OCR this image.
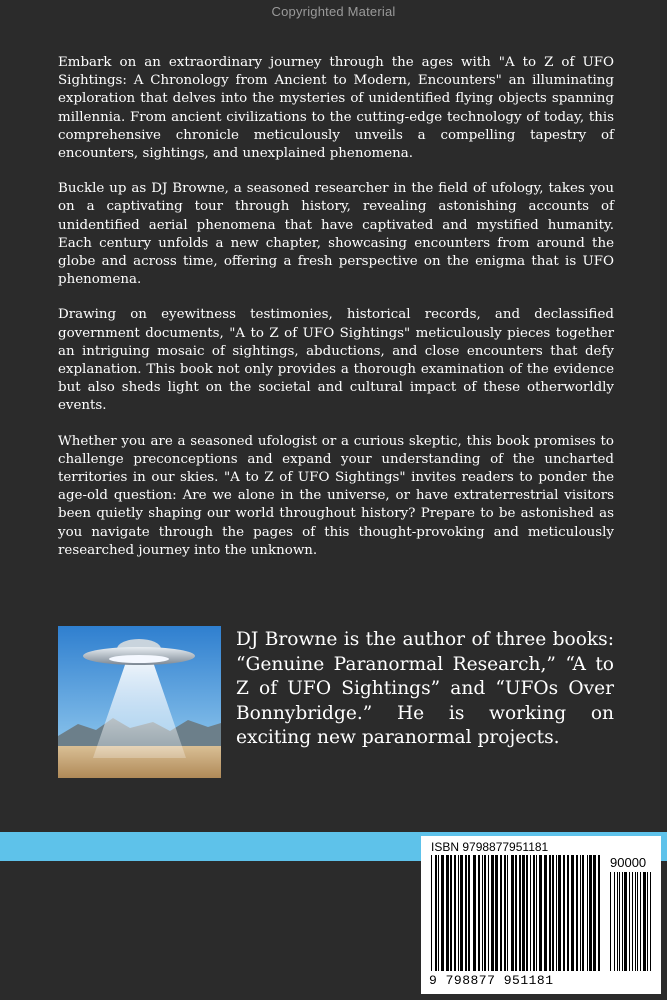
Copyrighted Material

Embark on an extraordinary journey through the ages with "A to Z of UFO Sightings: A Chronology from Ancient to Modern, Encounters" an illuminating exploration that delves into the mysteries of unidentified flying objects spanning millennia. From ancient civilizations to the cutting-edge technology of today, this comprehensive chronicle meticulously unveils a compelling tapestry of encounters, sightings, and unexplained phenomena.

Buckle up as DJ Browne, a seasoned researcher in the field of ufology, takes you on a captivating tour through history, revealing astonishing accounts of unidentified aerial phenomena that have captivated and mystified humanity. Each century unfolds a new chapter, showcasing encounters from around the globe and across time, offering a fresh perspective on the enigma that is UFO phenomena.

Drawing on eyewitness testimonies, historical records, and declassified government documents, "A to Z of UFO Sightings" meticulously pieces together an intriguing mosaic of sightings, abductions, and close encounters that defy explanation. This book not only provides a thorough examination of the evidence but also sheds light on the societal and cultural impact of these otherworldly events.

Whether you are a seasoned ufologist or a curious skeptic, this book promises to challenge preconceptions and expand your understanding of the uncharted territories in our skies. "A to Z of UFO Sightings" invites readers to ponder the age-old question: Are we alone in the universe, or have extraterrestrial visitors been quietly shaping our world throughout history? Prepare to be astonished as you navigate through the pages of this thought-provoking and meticulously researched journey into the unknown.

DJ Browne is the author of three books: “Genuine Paranormal Research,” “A to Z of UFO Sightings” and “UFOs Over Bonnybridge.” He is working on exciting new paranormal projects.

ISBN 9798877951181
90000
9 798877 951181
